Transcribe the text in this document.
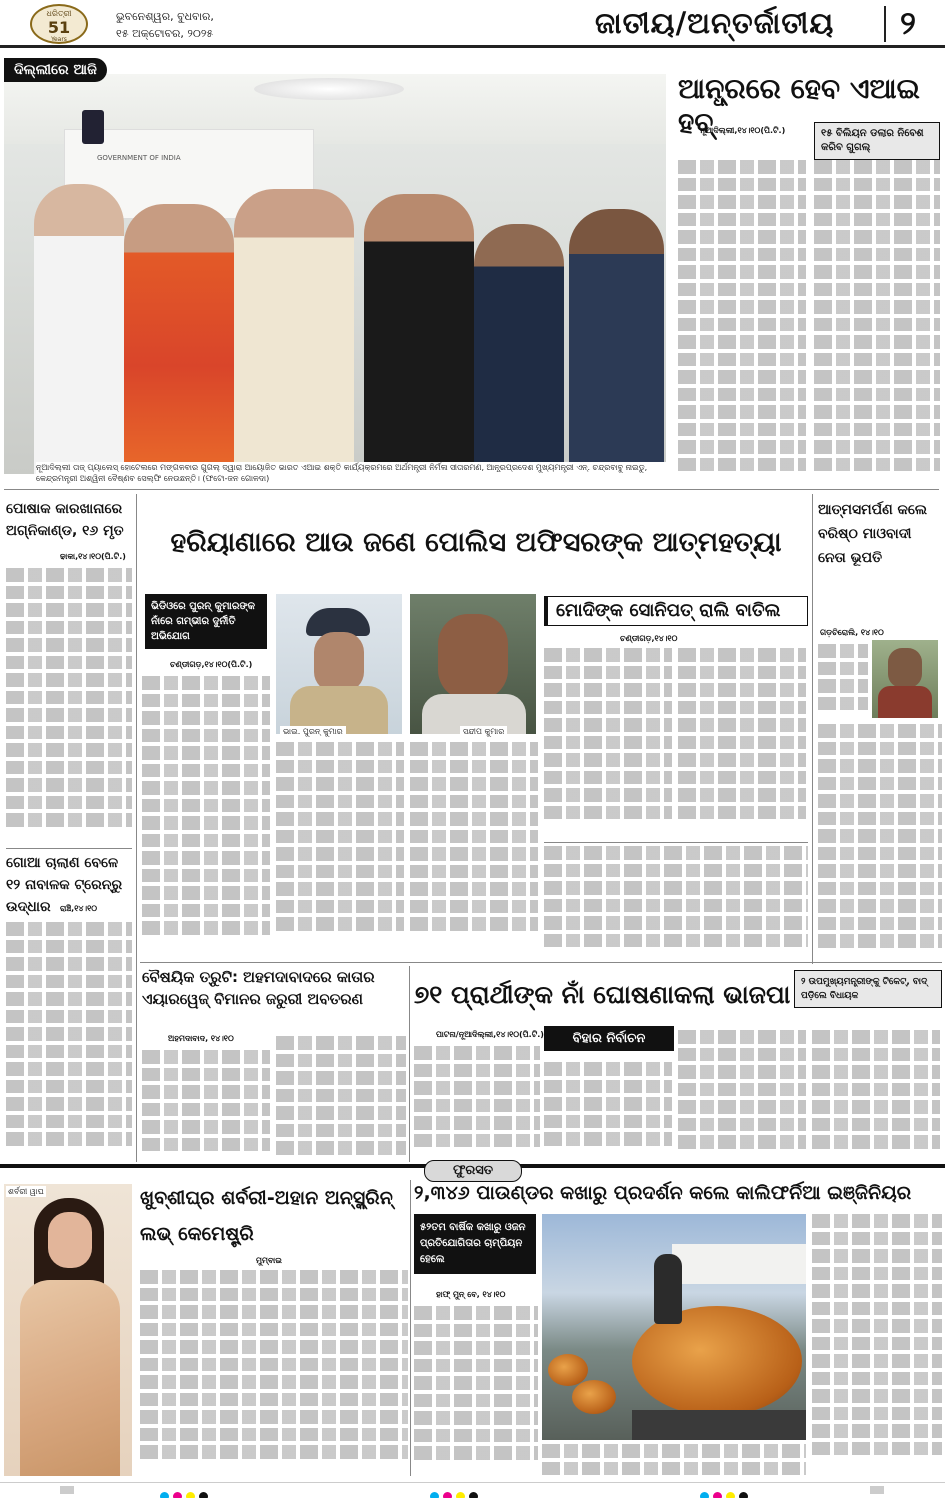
ଧରିତ୍ରୀ
51
Years
ଭୁବନେଶ୍ୱର, ବୁଧବାର,
୧୫ ଅକ୍ଟୋବର, ୨୦୨୫	ଜାତୀୟ/ଅନ୍ତର୍ଜାତୀୟ ୨
GOVERNMENT OF INDIA
ଦିଲ୍ଲୀରେ ଆଜି
ନୂଆଦିଲ୍ଲୀ ତାଜ୍ ପ୍ୟାଲେସ୍ ହୋଟେଲରେ ମଙ୍ଗଳବାର ଗୁଗଲ୍ ଦ୍ୱାରା ଆୟୋଜିତ ଭାରତ ଏଆଇ ଶକ୍ତି କାର୍ଯ୍ୟକ୍ରମରେ ଅର୍ଥମନ୍ତ୍ରୀ ନିର୍ମଳା ସୀତାରମଣ, ଆନ୍ଧ୍ରପ୍ରଦେଶ ମୁଖ୍ୟମନ୍ତ୍ରୀ ଏନ୍. ଚନ୍ଦ୍ରବାବୁ ନାଇଡୁ, କେନ୍ଦ୍ରମନ୍ତ୍ରୀ ଅଶ୍ୱିନୀ ବୈଷ୍ଣବ ସେଲ୍ଫି ନେଉଛନ୍ତି। (ଫଟୋ-ଜନ ଗୋଳଦା)
ଆନ୍ଧ୍ରରେ ହେବ ଏଆଇ ହବ୍
ନୂଆଦିଲ୍ଲୀ,୧୪।୧୦(ପି.ଟି.)	୧୫ ବିଲିୟନ ଡଲାର ନିବେଶ କରିବ ଗୁଗଲ୍
ପୋଷାକ କାରଖାନାରେ ଅଗ୍ନିକାଣ୍ଡ, ୧୬ ମୃତ
ଢାକା,୧୪।୧୦(ପି.ଟି.)
ଗୋଆ ଚାଲାଣ ବେଳେ ୧୨ ନାବାଳକ ଟ୍ରେନ୍‌ରୁ ଉଦ୍ଧାର	ରାଞ୍ଚି,୧୪।୧୦
ହରିୟାଣାରେ ଆଉ ଜଣେ ପୋଲିସ ଅଫିସରଙ୍କ ଆତ୍ମହତ୍ୟା
ଭିଡିଓରେ ପୁରନ୍ କୁମାରଙ୍କ ନାଁରେ ଗମ୍ଭୀର ଦୁର୍ନୀତି ଅଭିଯୋଗ
ଚଣ୍ଡୀଗଡ଼,୧୪।୧୦(ପି.ଟି.)
ଭାଇ. ପୁରନ୍ କୁମାର	ସନ୍ଦୀପ କୁମାର
ମୋଦିଙ୍କ ସୋନିପତ୍ ରାଲି ବାତିଲ
ଚଣ୍ଡୀଗଡ଼,୧୪।୧୦
ଆତ୍ମସମର୍ପଣ କଲେ ବରିଷ୍ଠ ମାଓବାଦୀ ନେତା ଭୂପତି
ଗଡ଼ଚିରୋଲି, ୧୪।୧୦
ବୈଷୟିକ ତ୍ରୁଟି: ଅହମଦାବାଦରେ କାତାର ଏୟାରୱେଜ୍ ବିମାନର ଜରୁରୀ ଅବତରଣ
ଅହମଦାବାଦ, ୧୪।୧୦
୭୧ ପ୍ରାର୍ଥୀଙ୍କ ନାଁ ଘୋଷଣାକଲା ଭାଜପା	୨ ଉପମୁଖ୍ୟମନ୍ତ୍ରୀଙ୍କୁ ଟିକେଟ୍, ବାଦ୍ ପଡ଼ିଲେ ବିଧାୟକ
ପାଟନା/ନୂଆଦିଲ୍ଲୀ,୧୪।୧୦(ପି.ଟି.)	ବିହାର ନିର୍ବାଚନ
ଫୁରସତ
ଶର୍ବରୀ ୱାଘ	ଖୁବ୍‌ଶୀଘ୍ର ଶର୍ବରୀ-ଅହାନ ଅନ୍‌ସ୍କ୍ରିନ୍ ଲଭ୍ କେମେଷ୍ଟ୍ରି
ମୁମ୍ବାଇ
୨,୩୪୬ ପାଉଣ୍ଡର କଖାରୁ ପ୍ରଦର୍ଶନ କଲେ କାଲିଫର୍ନିଆ ଇଞ୍ଜିନିୟର
୫୨ତମ ବାର୍ଷିକ କଖାରୁ ଓଜନ ପ୍ରତିଯୋଗିତାର ଚାମ୍ପିୟନ ହେଲେ
ହାଫ୍ ମୁନ୍ ବେ, ୧୪।୧୦
